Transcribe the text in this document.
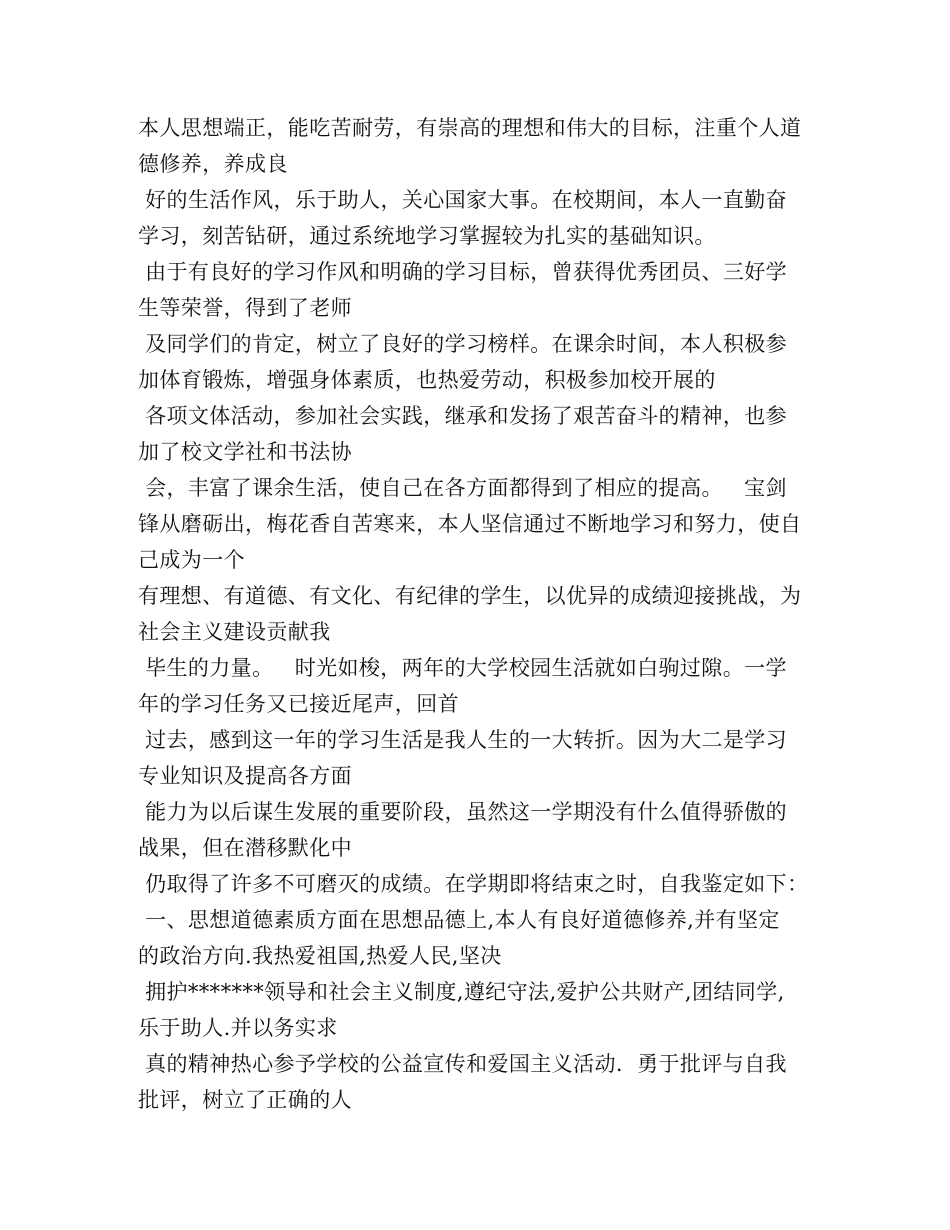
本人思想端正，能吃苦耐劳，有崇高的理想和伟大的目标，注重个人道
德修养，养成良
好的生活作风，乐于助人，关心国家大事。在校期间，本人一直勤奋
学习，刻苦钻研，通过系统地学习掌握较为扎实的基础知识。
由于有良好的学习作风和明确的学习目标，曾获得优秀团员、三好学
生等荣誉，得到了老师
及同学们的肯定，树立了良好的学习榜样。在课余时间，本人积极参
加体育锻炼，增强身体素质，也热爱劳动，积极参加校开展的
各项文体活动，参加社会实践，继承和发扬了艰苦奋斗的精神，也参
加了校文学社和书法协
会，丰富了课余生活，使自己在各方面都得到了相应的提高。   宝剑
锋从磨砺出，梅花香自苦寒来，本人坚信通过不断地学习和努力，使自
己成为一个
有理想、有道德、有文化、有纪律的学生，以优异的成绩迎接挑战，为
社会主义建设贡献我
毕生的力量。   时光如梭，两年的大学校园生活就如白驹过隙。一学
年的学习任务又已接近尾声，回首
过去，感到这一年的学习生活是我人生的一大转折。因为大二是学习
专业知识及提高各方面
能力为以后谋生发展的重要阶段，虽然这一学期没有什么值得骄傲的
战果，但在潜移默化中
仍取得了许多不可磨灭的成绩。在学期即将结束之时，自我鉴定如下：
一、思想道德素质方面在思想品德上,本人有良好道德修养,并有坚定
的政治方向.我热爱祖国,热爱人民,坚决
拥护*******领导和社会主义制度,遵纪守法,爱护公共财产,团结同学,
乐于助人.并以务实求
真的精神热心参予学校的公益宣传和爱国主义活动.  勇于批评与自我
批评，树立了正确的人
